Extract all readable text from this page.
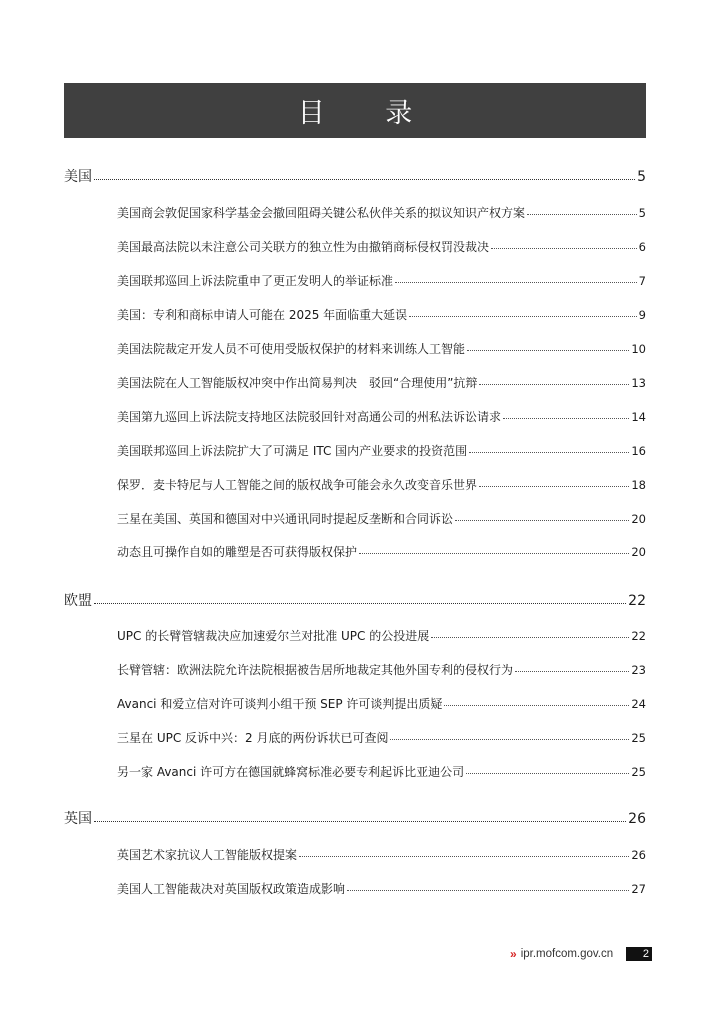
目 录
美国	5
美国商会敦促国家科学基金会撤回阻碍关键公私伙伴关系的拟议知识产权方案	5
美国最高法院以未注意公司关联方的独立性为由撤销商标侵权罚没裁决	6
美国联邦巡回上诉法院重申了更正发明人的举证标准	7
美国：专利和商标申请人可能在 2025 年面临重大延误	9
美国法院裁定开发人员不可使用受版权保护的材料来训练人工智能	10
美国法院在人工智能版权冲突中作出简易判决　驳回“合理使用”抗辩	13
美国第九巡回上诉法院支持地区法院驳回针对高通公司的州私法诉讼请求	14
美国联邦巡回上诉法院扩大了可满足 ITC 国内产业要求的投资范围	16
保罗．麦卡特尼与人工智能之间的版权战争可能会永久改变音乐世界	18
三星在美国、英国和德国对中兴通讯同时提起反垄断和合同诉讼	20
动态且可操作自如的雕塑是否可获得版权保护	20
欧盟	22
UPC 的长臂管辖裁决应加速爱尔兰对批准 UPC 的公投进展	22
长臂管辖：欧洲法院允许法院根据被告居所地裁定其他外国专利的侵权行为	23
Avanci 和爱立信对许可谈判小组干预 SEP 许可谈判提出质疑	24
三星在 UPC 反诉中兴：2 月底的两份诉状已可查阅	25
另一家 Avanci 许可方在德国就蜂窝标准必要专利起诉比亚迪公司	25
英国	26
英国艺术家抗议人工智能版权提案	26
美国人工智能裁决对英国版权政策造成影响	27
» ipr.mofcom.gov.cn	2
